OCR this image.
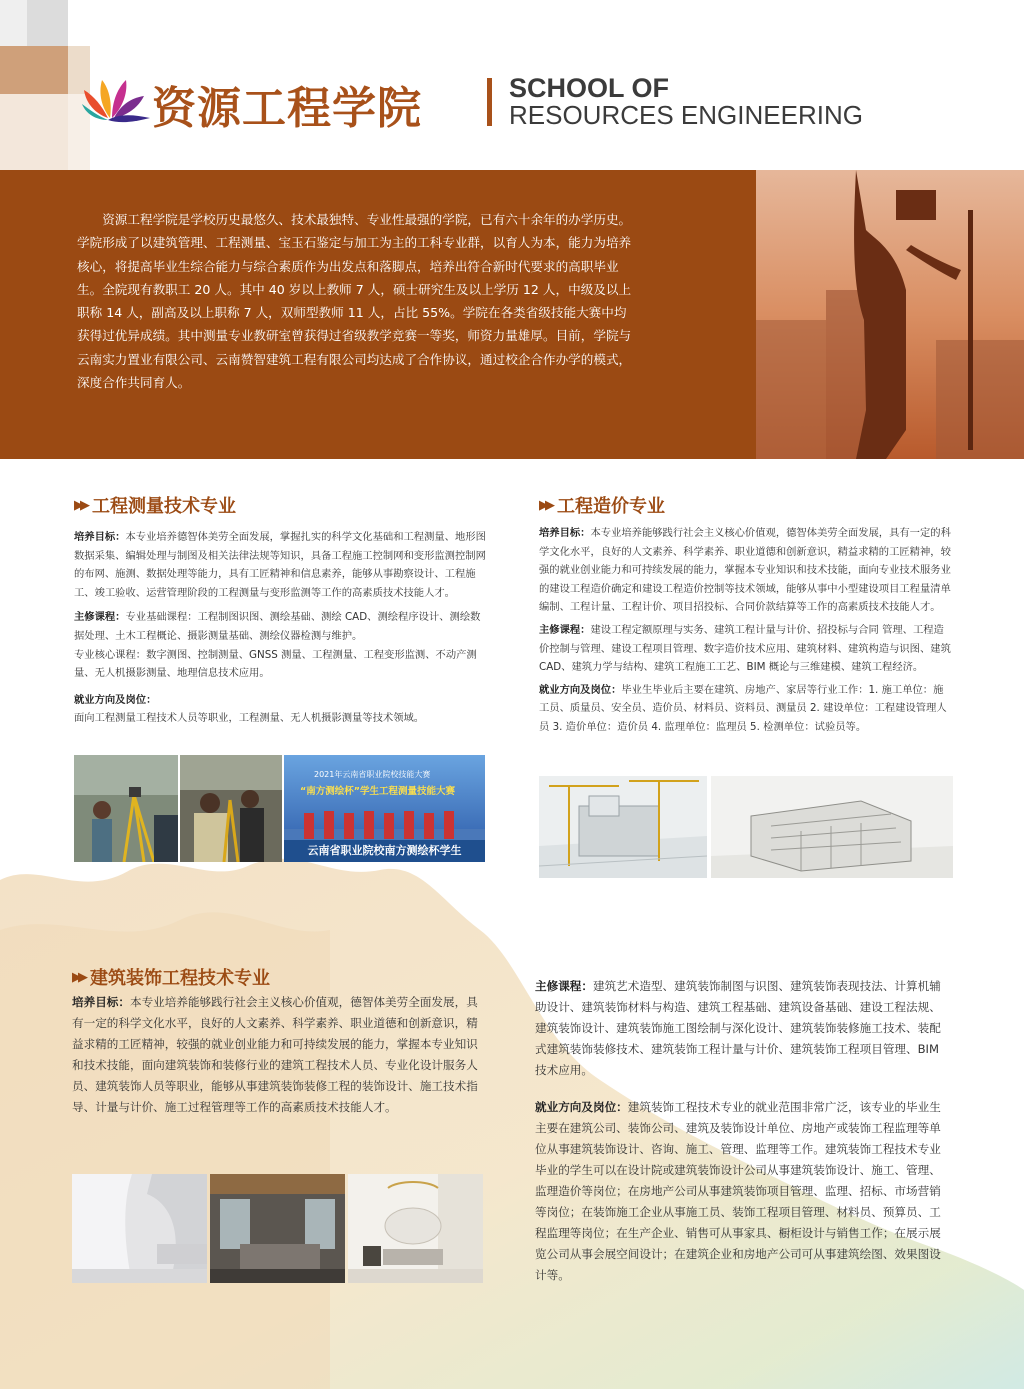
资源工程学院	SCHOOL OF
RESOURCES ENGINEERING

资源工程学院是学校历史最悠久、技术最独特、专业性最强的学院，已有六十余年的办学历史。学院形成了以建筑管理、工程测量、宝玉石鉴定与加工为主的工科专业群，以育人为本，能力为培养核心，将提高毕业生综合能力与综合素质作为出发点和落脚点，培养出符合新时代要求的高职毕业生。全院现有教职工 20 人。其中 40 岁以上教师 7 人，硕士研究生及以上学历 12 人，中级及以上职称 14 人，副高及以上职称 7 人，双师型教师 11 人，占比 55%。学院在各类省级技能大赛中均获得过优异成绩。其中测量专业教研室曾获得过省级教学竞赛一等奖，师资力量雄厚。目前，学院与云南实力置业有限公司、云南赞智建筑工程有限公司均达成了合作协议，通过校企合作办学的模式，深度合作共同育人。

▶▶ 工程测量技术专业

培养目标：本专业培养德智体美劳全面发展，掌握扎实的科学文化基础和工程测量、地形图数据采集、编辑处理与制图及相关法律法规等知识，具备工程施工控制网和变形监测控制网的布网、施测、数据处理等能力，具有工匠精神和信息素养，能够从事勘察设计、工程施工、竣工验收、运营管理阶段的工程测量与变形监测等工作的高素质技术技能人才。

主修课程：专业基础课程：工程制图识图、测绘基础、测绘 CAD、测绘程序设计、测绘数据处理、土木工程概论、摄影测量基础、测绘仪器检测与维护。

专业核心课程：数字测图、控制测量、GNSS 测量、工程测量、工程变形监测、不动产测量、无人机摄影测量、地理信息技术应用。

就业方向及岗位：

面向工程测量工程技术人员等职业，工程测量、无人机摄影测量等技术领域。

2021年云南省职业院校技能大赛
“南方测绘杯”学生工程测量技能大赛
云南省职业院校南方测绘杯学生
▶▶ 工程造价专业

培养目标：本专业培养能够践行社会主义核心价值观，德智体美劳全面发展，具有一定的科学文化水平，良好的人文素养、科学素养、职业道德和创新意识，精益求精的工匠精神，较强的就业创业能力和可持续发展的能力，掌握本专业知识和技术技能，面向专业技术服务业的建设工程造价确定和建设工程造价控制等技术领域，能够从事中小型建设项目工程量清单编制、工程计量、工程计价、项目招投标、合同价款结算等工作的高素质技术技能人才。

主修课程：建设工程定额原理与实务、建筑工程计量与计价、招投标与合同 管理、工程造价控制与管理、建设工程项目管理、数字造价技术应用、建筑材料、建筑构造与识图、建筑 CAD、建筑力学与结构、建筑工程施工工艺、BIM 概论与三维建模、建筑工程经济。

就业方向及岗位：毕业生毕业后主要在建筑、房地产、家居等行业工作：1. 施工单位：施工员、质量员、安全员、造价员、材料员、资料员、测量员 2. 建设单位：工程建设管理人员 3. 造价单位：造价员 4. 监理单位：监理员 5. 检测单位：试验员等。

▶▶ 建筑装饰工程技术专业

培养目标：本专业培养能够践行社会主义核心价值观，德智体美劳全面发展，具有一定的科学文化水平，良好的人文素养、科学素养、职业道德和创新意识，精益求精的工匠精神，较强的就业创业能力和可持续发展的能力，掌握本专业知识和技术技能，面向建筑装饰和装修行业的建筑工程技术人员、专业化设计服务人员、建筑装饰人员等职业，能够从事建筑装饰装修工程的装饰设计、施工技术指导、计量与计价、施工过程管理等工作的高素质技术技能人才。

主修课程：建筑艺术造型、建筑装饰制图与识图、建筑装饰表现技法、计算机辅助设计、建筑装饰材料与构造、建筑工程基础、建筑设备基础、建设工程法规、建筑装饰设计、建筑装饰施工图绘制与深化设计、建筑装饰装修施工技术、装配式建筑装饰装修技术、建筑装饰工程计量与计价、建筑装饰工程项目管理、BIM 技术应用。

就业方向及岗位：建筑装饰工程技术专业的就业范围非常广泛，该专业的毕业生主要在建筑公司、装饰公司、建筑及装饰设计单位、房地产或装饰工程监理等单位从事建筑装饰设计、咨询、施工、管理、监理等工作。建筑装饰工程技术专业毕业的学生可以在设计院或建筑装饰设计公司从事建筑装饰设计、施工、管理、监理造价等岗位；在房地产公司从事建筑装饰项目管理、监理、招标、市场营销等岗位；在装饰施工企业从事施工员、装饰工程项目管理、材料员、预算员、工程监理等岗位；在生产企业、销售可从事家具、橱柜设计与销售工作；在展示展览公司从事会展空间设计；在建筑企业和房地产公司可从事建筑绘图、效果图设计等。
